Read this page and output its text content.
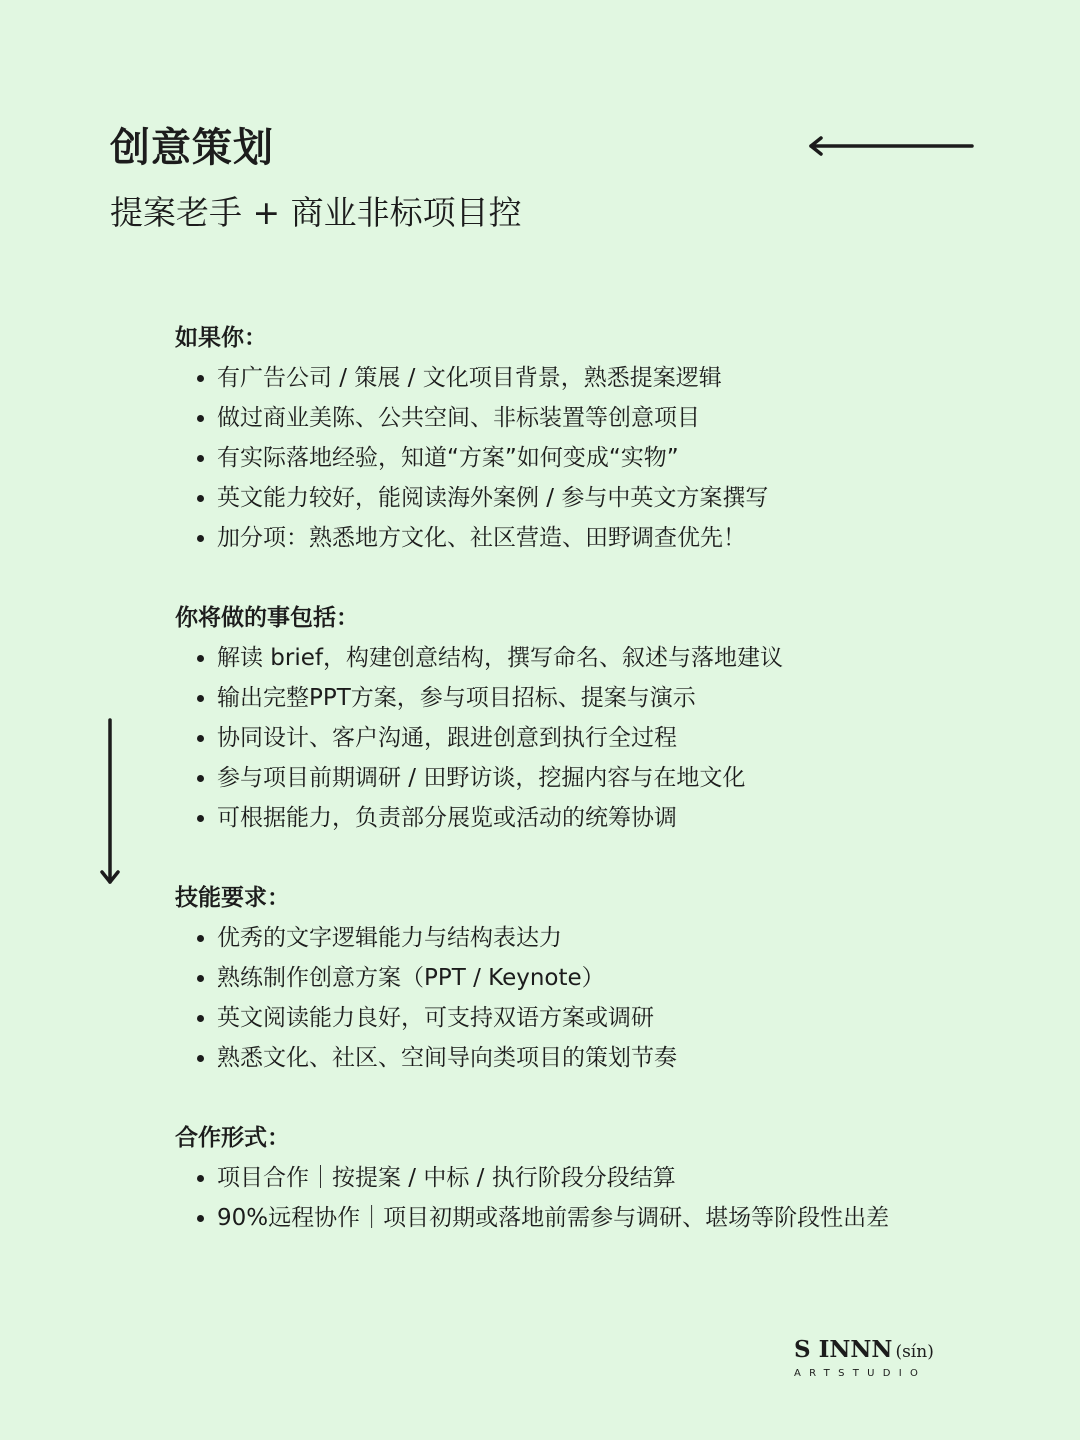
创意策划
提案老手 + 商业非标项目控
如果你：
有广告公司 / 策展 / 文化项目背景，熟悉提案逻辑
做过商业美陈、公共空间、非标装置等创意项目
有实际落地经验，知道“方案”如何变成“实物”
英文能力较好，能阅读海外案例 / 参与中英文方案撰写
加分项：熟悉地方文化、社区营造、田野调查优先！
你将做的事包括：
解读 brief，构建创意结构，撰写命名、叙述与落地建议
输出完整PPT方案，参与项目招标、提案与演示
协同设计、客户沟通，跟进创意到执行全过程
参与项目前期调研 / 田野访谈，挖掘内容与在地文化
可根据能力，负责部分展览或活动的统筹协调
技能要求：
优秀的文字逻辑能力与结构表达力
熟练制作创意方案（PPT / Keynote）
英文阅读能力良好，可支持双语方案或调研
熟悉文化、社区、空间导向类项目的策划节奏
合作形式：
项目合作｜按提案 / 中标 / 执行阶段分段结算
90%远程协作｜项目初期或落地前需参与调研、堪场等阶段性出差
S INNN (sín)
ARTSTUDIO
